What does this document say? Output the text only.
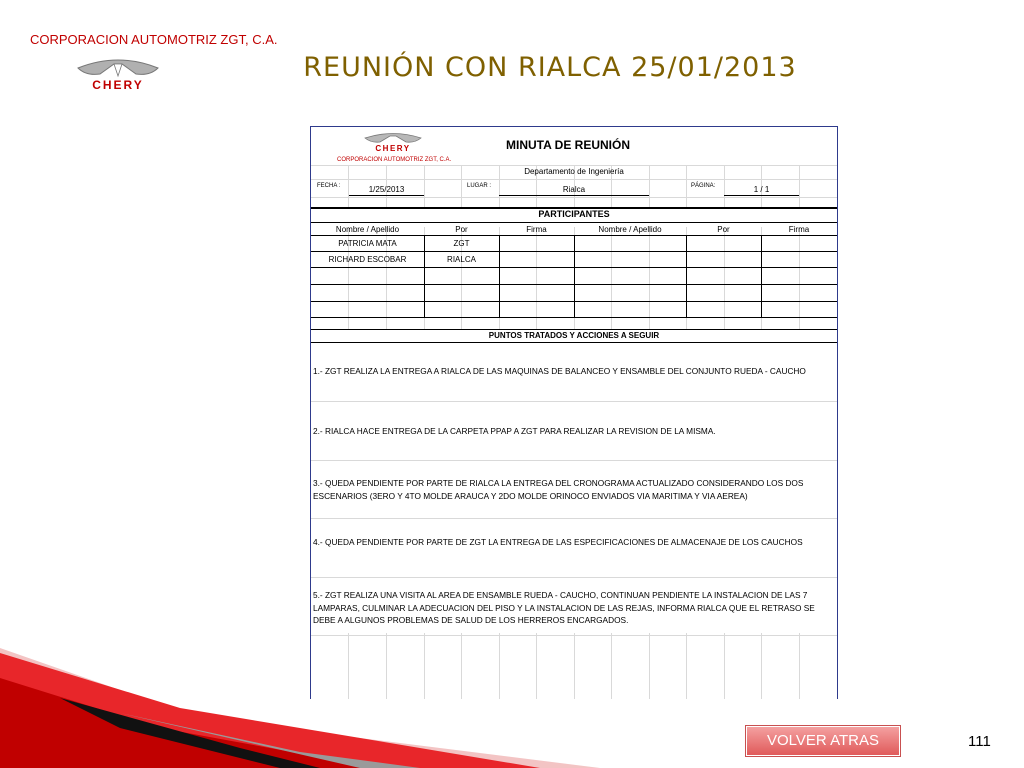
CORPORACION AUTOMOTRIZ ZGT, C.A.
CHERY
REUNIÓN CON RIALCA 25/01/2013
CHERY
CORPORACION AUTOMOTRIZ ZGT, C.A.
MINUTA DE REUNIÓN
Departamento de Ingeniería
FECHA :	1/25/2013	LUGAR :	Rialca	PÁGINA:	1 / 1
PARTICIPANTES
Nombre / Apellido	Por	Firma	Nombre / Apellido	Por	Firma
PATRICIA MATA	ZGT
RICHARD ESCOBAR	RIALCA
PUNTOS TRATADOS Y ACCIONES A SEGUIR
1.- ZGT REALIZA LA ENTREGA A RIALCA DE LAS MAQUINAS DE BALANCEO Y ENSAMBLE DEL CONJUNTO RUEDA - CAUCHO
2.- RIALCA HACE ENTREGA DE LA CARPETA PPAP A ZGT PARA REALIZAR LA REVISION DE LA MISMA.
3.- QUEDA PENDIENTE POR PARTE DE RIALCA LA ENTREGA DEL CRONOGRAMA ACTUALIZADO CONSIDERANDO LOS DOS ESCENARIOS (3ERO Y 4TO MOLDE ARAUCA Y 2DO MOLDE ORINOCO ENVIADOS VIA MARITIMA Y VIA AEREA)
4.- QUEDA PENDIENTE POR PARTE DE ZGT LA ENTREGA DE LAS ESPECIFICACIONES DE ALMACENAJE DE LOS CAUCHOS
5.- ZGT REALIZA UNA VISITA AL AREA DE ENSAMBLE RUEDA - CAUCHO, CONTINUAN PENDIENTE LA INSTALACION DE LAS 7 LAMPARAS, CULMINAR LA ADECUACION DEL PISO Y LA INSTALACION DE LAS REJAS, INFORMA RIALCA QUE EL RETRASO SE DEBE A ALGUNOS PROBLEMAS DE SALUD DE LOS HERREROS ENCARGADOS.
VOLVER ATRAS	111
